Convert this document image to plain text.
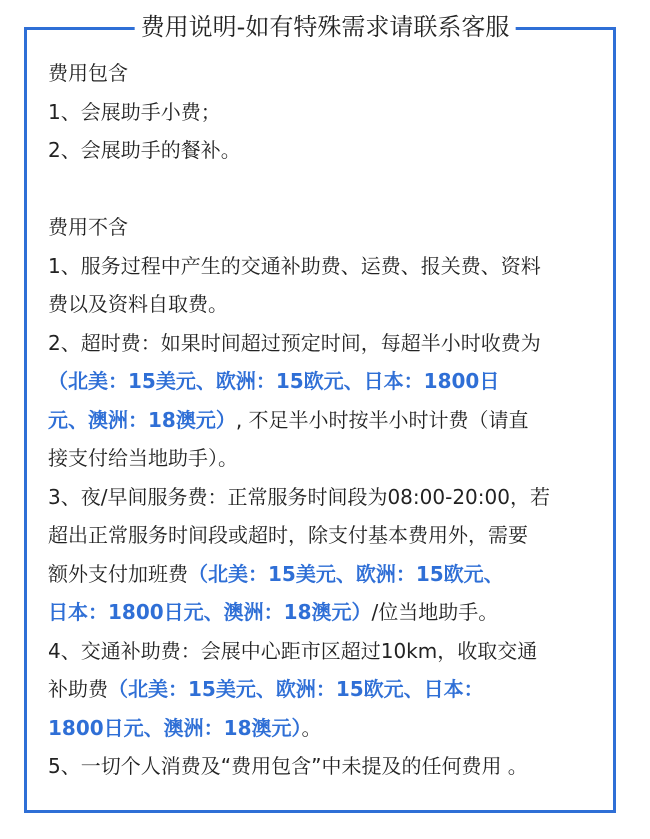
费用说明-如有特殊需求请联系客服
费用包含
1、会展助手小费；
2、会展助手的餐补。
费用不含
1、服务过程中产生的交通补助费、运费、报关费、资料
费以及资料自取费。
2、超时费：如果时间超过预定时间，每超半小时收费为
（北美：15美元、欧洲：15欧元、日本：1800日
元、澳洲：18澳元）, 不足半小时按半小时计费（请直
接支付给当地助手）。
3、夜/早间服务费：正常服务时间段为08:00-20:00，若
超出正常服务时间段或超时，除支付基本费用外，需要
额外支付加班费（北美：15美元、欧洲：15欧元、
日本：1800日元、澳洲：18澳元）/位当地助手。
4、交通补助费：会展中心距市区超过10km，收取交通
补助费（北美：15美元、欧洲：15欧元、日本：
1800日元、澳洲：18澳元）。
5、一切个人消费及“费用包含”中未提及的任何费用 。
